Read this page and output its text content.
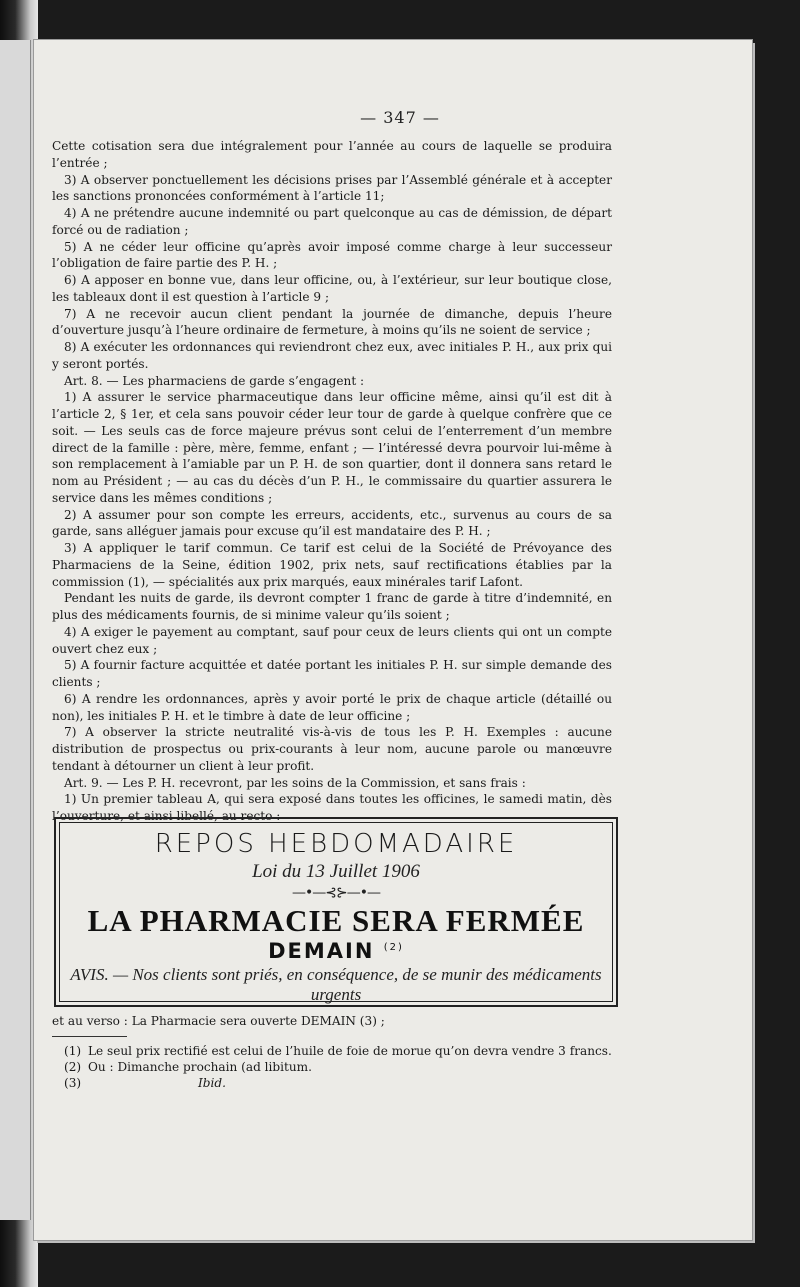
— 347 —

Cette cotisation sera due intégralement pour l’année au cours de laquelle se produira l’entrée ;

3) A observer ponctuellement les décisions prises par l’Assemblé générale et à accepter les sanctions prononcées conformément à l’article 11;

4) A ne prétendre aucune indemnité ou part quelconque au cas de démission, de départ forcé ou de radiation ;

5) A ne céder leur officine qu’après avoir imposé comme charge à leur successeur l’obligation de faire partie des P. H. ;

6) A apposer en bonne vue, dans leur officine, ou, à l’extérieur, sur leur boutique close, les tableaux dont il est question à l’article 9 ;

7) A ne recevoir aucun client pendant la journée de dimanche, depuis l’heure d’ouverture jusqu’à l’heure ordinaire de fermeture, à moins qu’ils ne soient de service ;

8) A exécuter les ordonnances qui reviendront chez eux, avec initiales P. H., aux prix qui y seront portés.

Art. 8. — Les pharmaciens de garde s’engagent :

1) A assurer le service pharmaceutique dans leur officine même, ainsi qu’il est dit à l’article 2, § 1er, et cela sans pouvoir céder leur tour de garde à quelque confrère que ce soit. — Les seuls cas de force majeure prévus sont celui de l’enterrement d’un membre direct de la famille : père, mère, femme, enfant ; — l’intéressé devra pourvoir lui-même à son remplacement à l’amiable par un P. H. de son quartier, dont il donnera sans retard le nom au Président ; — au cas du décès d’un P. H., le commissaire du quartier assurera le service dans les mêmes conditions ;

2) A assumer pour son compte les erreurs, accidents, etc., survenus au cours de sa garde, sans alléguer jamais pour excuse qu’il est mandataire des P. H. ;

3) A appliquer le tarif commun. Ce tarif est celui de la Société de Prévoyance des Pharmaciens de la Seine, édition 1902, prix nets, sauf rectifications établies par la commission (1), — spécialités aux prix marqués, eaux minérales tarif Lafont.

Pendant les nuits de garde, ils devront compter 1 franc de garde à titre d’indemnité, en plus des médicaments fournis, de si minime valeur qu’ils soient ;

4) A exiger le payement au comptant, sauf pour ceux de leurs clients qui ont un compte ouvert chez eux ;

5) A fournir facture acquittée et datée portant les initiales P. H. sur simple demande des clients ;

6) A rendre les ordonnances, après y avoir porté le prix de chaque article (détaillé ou non), les initiales P. H. et le timbre à date de leur officine ;

7) A observer la stricte neutralité vis-à-vis de tous les P. H. Exemples : aucune distribution de prospectus ou prix-courants à leur nom, aucune parole ou manœuvre tendant à détourner un client à leur profit.

Art. 9. — Les P. H. recevront, par les soins de la Commission, et sans frais :

1) Un premier tableau A, qui sera exposé dans toutes les officines, le samedi matin, dès l’ouverture, et ainsi libellé, au recto :

REPOS HEBDOMADAIRE
Loi du 13 Juillet 1906
—•—⊰⊱—•—
LA PHARMACIE SERA FERMÉE
DEMAIN $^{(2)}$
AVIS. — Nos clients sont priés, en conséquence, de se munir des médicaments urgents
et au verso : La Pharmacie sera ouverte DEMAIN (3) ;

(1) Le seul prix rectifié est celui de l’huile de foie de morue qu’on devra vendre 3 francs.

(2) Ou : Dimanche prochain (ad libitum.

(3)	Ibid.
